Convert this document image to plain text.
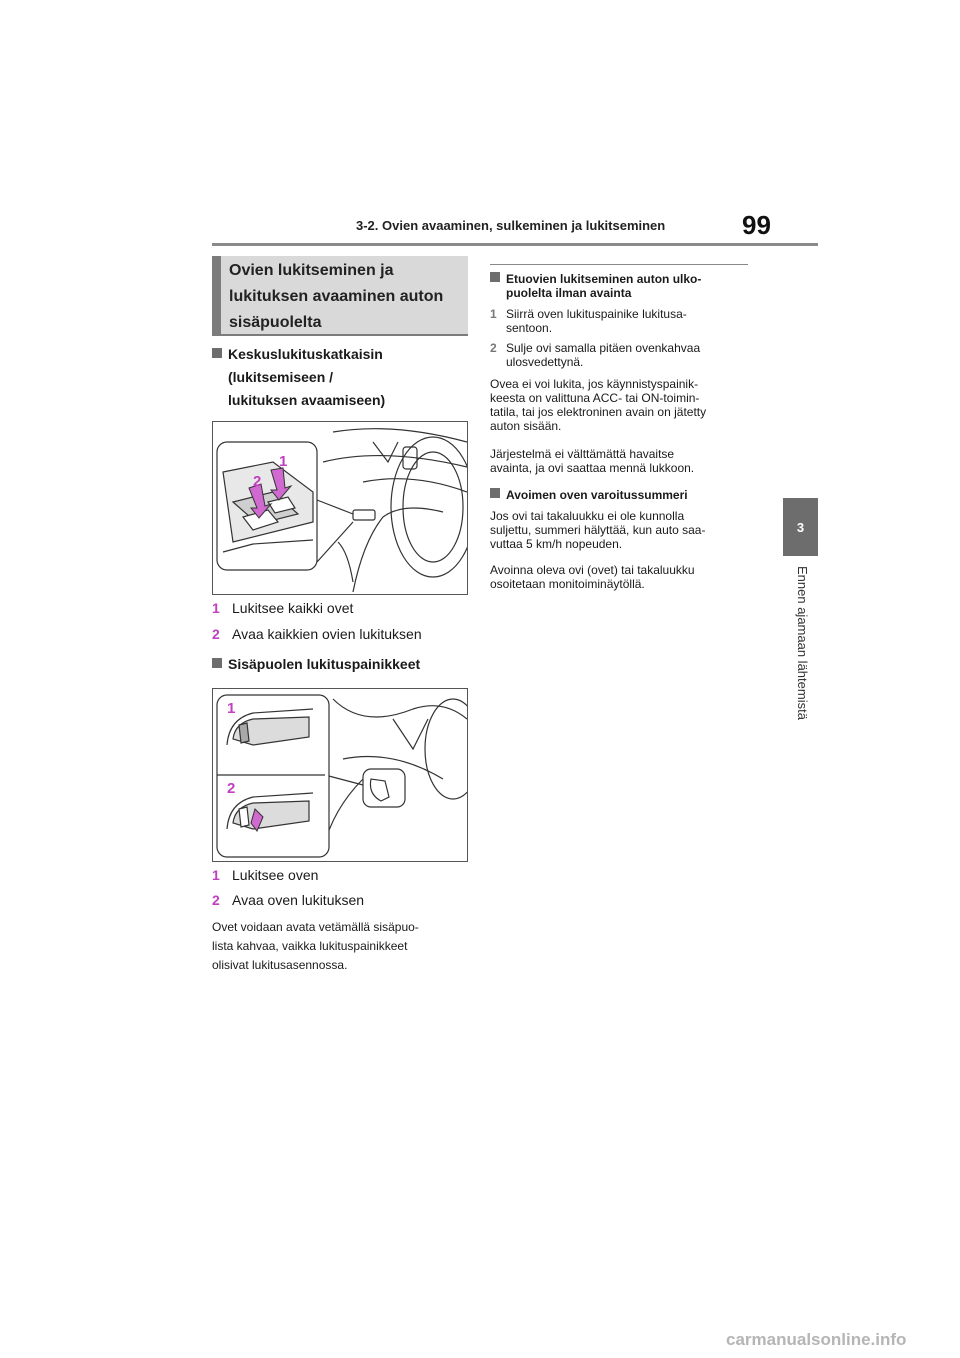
3-2. Ovien avaaminen, sulkeminen ja lukitseminen	99
3
Ennen ajamaan lähtemistä
Ovien lukitseminen ja
lukituksen avaaminen auton
sisäpuolelta
Keskuslukituskatkaisin
(lukitsemiseen /
lukituksen avaamiseen)
1
2
1 Lukitsee kaikki ovet
2 Avaa kaikkien ovien lukituksen
Sisäpuolen lukituspainikkeet
1
2
1 Lukitsee oven
2 Avaa oven lukituksen
Ovet voidaan avata vetämällä sisäpuo-
lista kahvaa, vaikka lukituspainikkeet
olisivat lukitusasennossa.
Etuovien lukitseminen auton ulko-
puolelta ilman avainta
1 Siirrä oven lukituspainike lukitusa-
sentoon.
2 Sulje ovi samalla pitäen ovenkahvaa
ulosvedettynä.
Ovea ei voi lukita, jos käynnistyspainik-
keesta on valittuna ACC- tai ON-toimin-
tatila, tai jos elektroninen avain on jätetty
auton sisään.
Järjestelmä ei välttämättä havaitse
avainta, ja ovi saattaa mennä lukkoon.
Avoimen oven varoitussummeri
Jos ovi tai takaluukku ei ole kunnolla
suljettu, summeri hälyttää, kun auto saa-
vuttaa 5 km/h nopeuden.
Avoinna oleva ovi (ovet) tai takaluukku
osoitetaan monitoiminäytöllä.
carmanualsonline.info
